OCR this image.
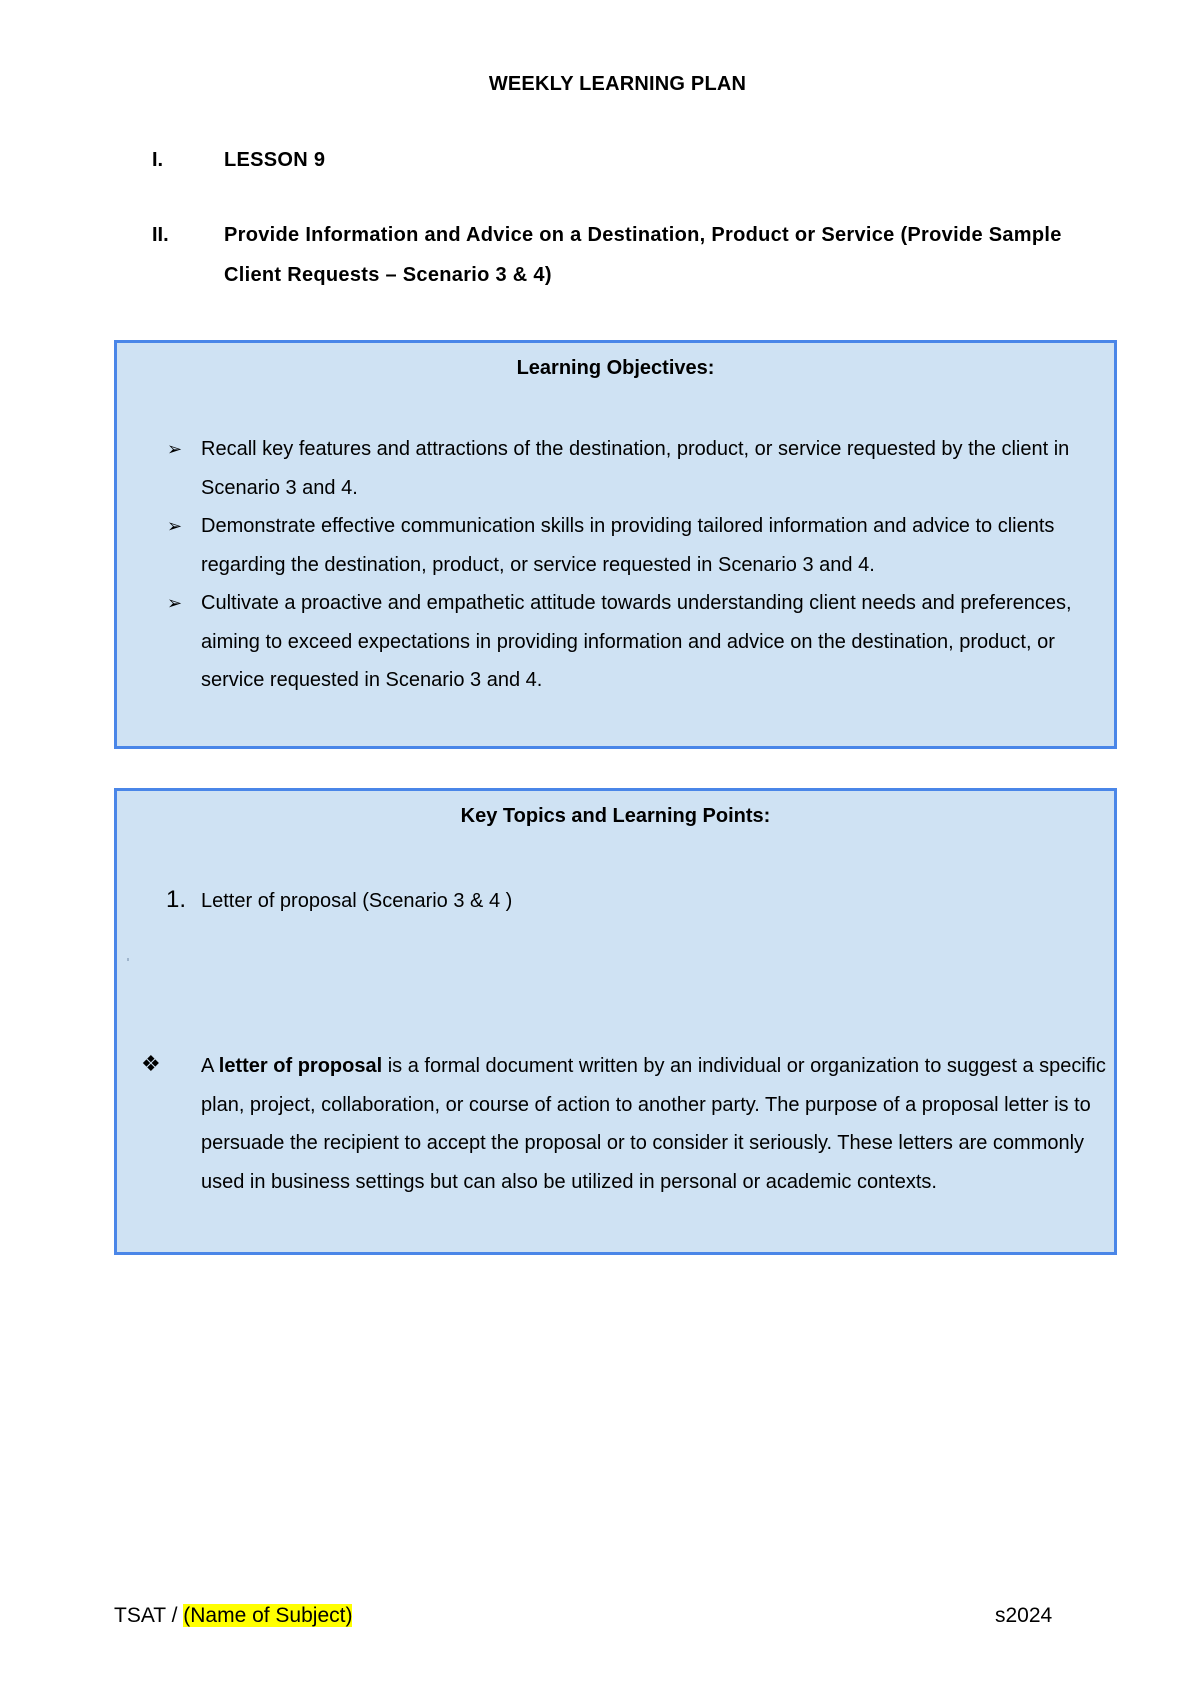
WEEKLY LEARNING PLAN
I.	LESSON 9
II.	Provide Information and Advice on a Destination, Product or Service (Provide Sample Client Requests – Scenario 3 & 4)
Learning Objectives:
➢ Recall key features and attractions of the destination, product, or service requested by the client in Scenario 3 and 4.
➢ Demonstrate effective communication skills in providing tailored information and advice to clients regarding the destination, product, or service requested in Scenario 3 and 4.
➢ Cultivate a proactive and empathetic attitude towards understanding client needs and preferences, aiming to exceed expectations in providing information and advice on the destination, product, or service requested in Scenario 3 and 4.
Key Topics and Learning Points:
1. Letter of proposal (Scenario 3 & 4 )
❖ A letter of proposal is a formal document written by an individual or organization to suggest a specific plan, project, collaboration, or course of action to another party. The purpose of a proposal letter is to persuade the recipient to accept the proposal or to consider it seriously. These letters are commonly used in business settings but can also be utilized in personal or academic contexts.
TSAT / (Name of Subject)	s2024
